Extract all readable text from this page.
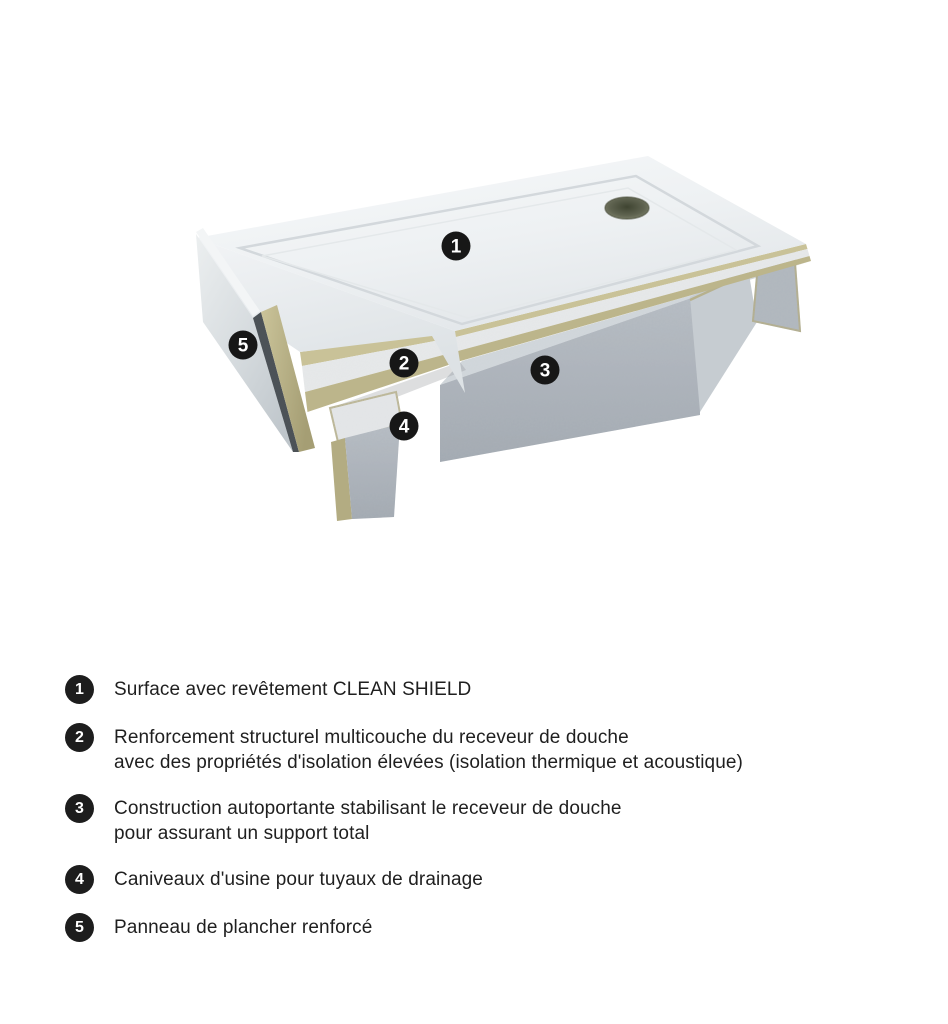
1
2	3
4
5
1 Surface avec revêtement CLEAN SHIELD
2 Renforcement structurel multicouche du receveur de douche
avec des propriétés d'isolation élevées (isolation thermique et acoustique)
3 Construction autoportante stabilisant le receveur de douche
pour assurant un support total
4 Caniveaux d'usine pour tuyaux de drainage
5 Panneau de plancher renforcé
